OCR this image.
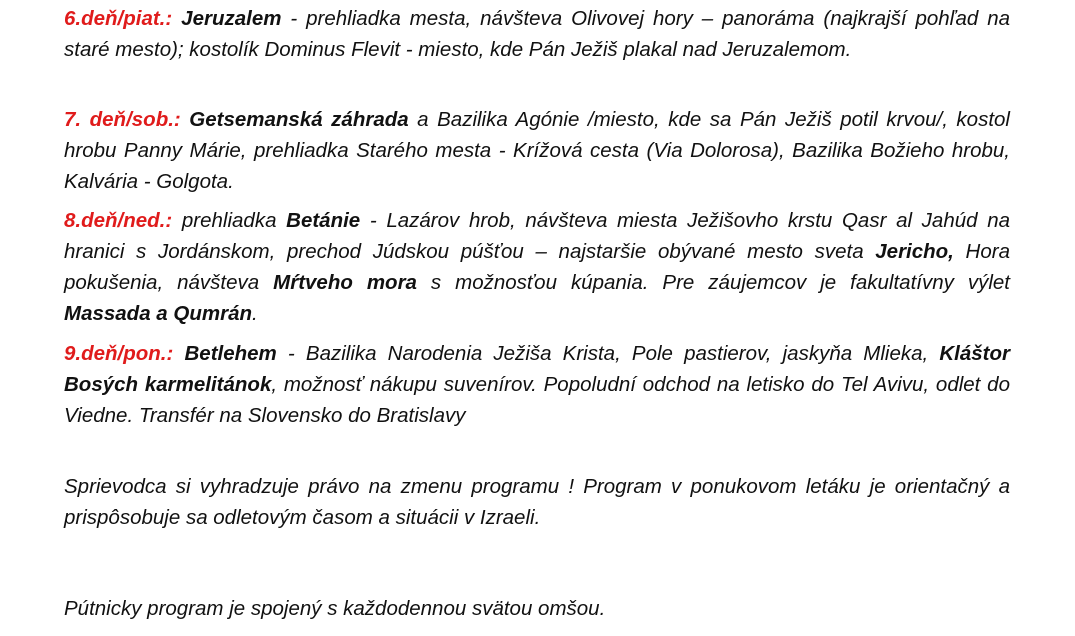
6.deň/piat.: Jeruzalem - prehliadka mesta, návšteva Olivovej hory – panoráma (najkrajší pohľad na staré mesto); kostolík Dominus Flevit - miesto, kde Pán Ježiš plakal nad Jeruzalemom.

7. deň/sob.: Getsemanská záhrada a Bazilika Agónie /miesto, kde sa Pán Ježiš potil krvou/, kostol hrobu Panny Márie, prehliadka Starého mesta - Krížová cesta (Via Dolorosa), Bazilika Božieho hrobu, Kalvária - Golgota.

8.deň/ned.: prehliadka Betánie - Lazárov hrob, návšteva miesta Ježišovho krstu Qasr al Jahúd na hranici s Jordánskom, prechod Júdskou púšťou – najstaršie obývané mesto sveta Jericho, Hora pokušenia, návšteva Mŕtveho mora s možnosťou kúpania. Pre záujemcov je fakultatívny výlet Massada a Qumrán.

9.deň/pon.: Betlehem - Bazilika Narodenia Ježiša Krista, Pole pastierov, jaskyňa Mlieka, Kláštor Bosých karmelitánok, možnosť nákupu suvenírov. Popoludní odchod na letisko do Tel Avivu, odlet do Viedne. Transfér na Slovensko do Bratislavy

Sprievodca si vyhradzuje právo na zmenu programu ! Program v ponukovom letáku je orientačný a prispôsobuje sa odletovým časom a situácii v Izraeli.

Pútnicky program je spojený s každodennou svätou omšou.
